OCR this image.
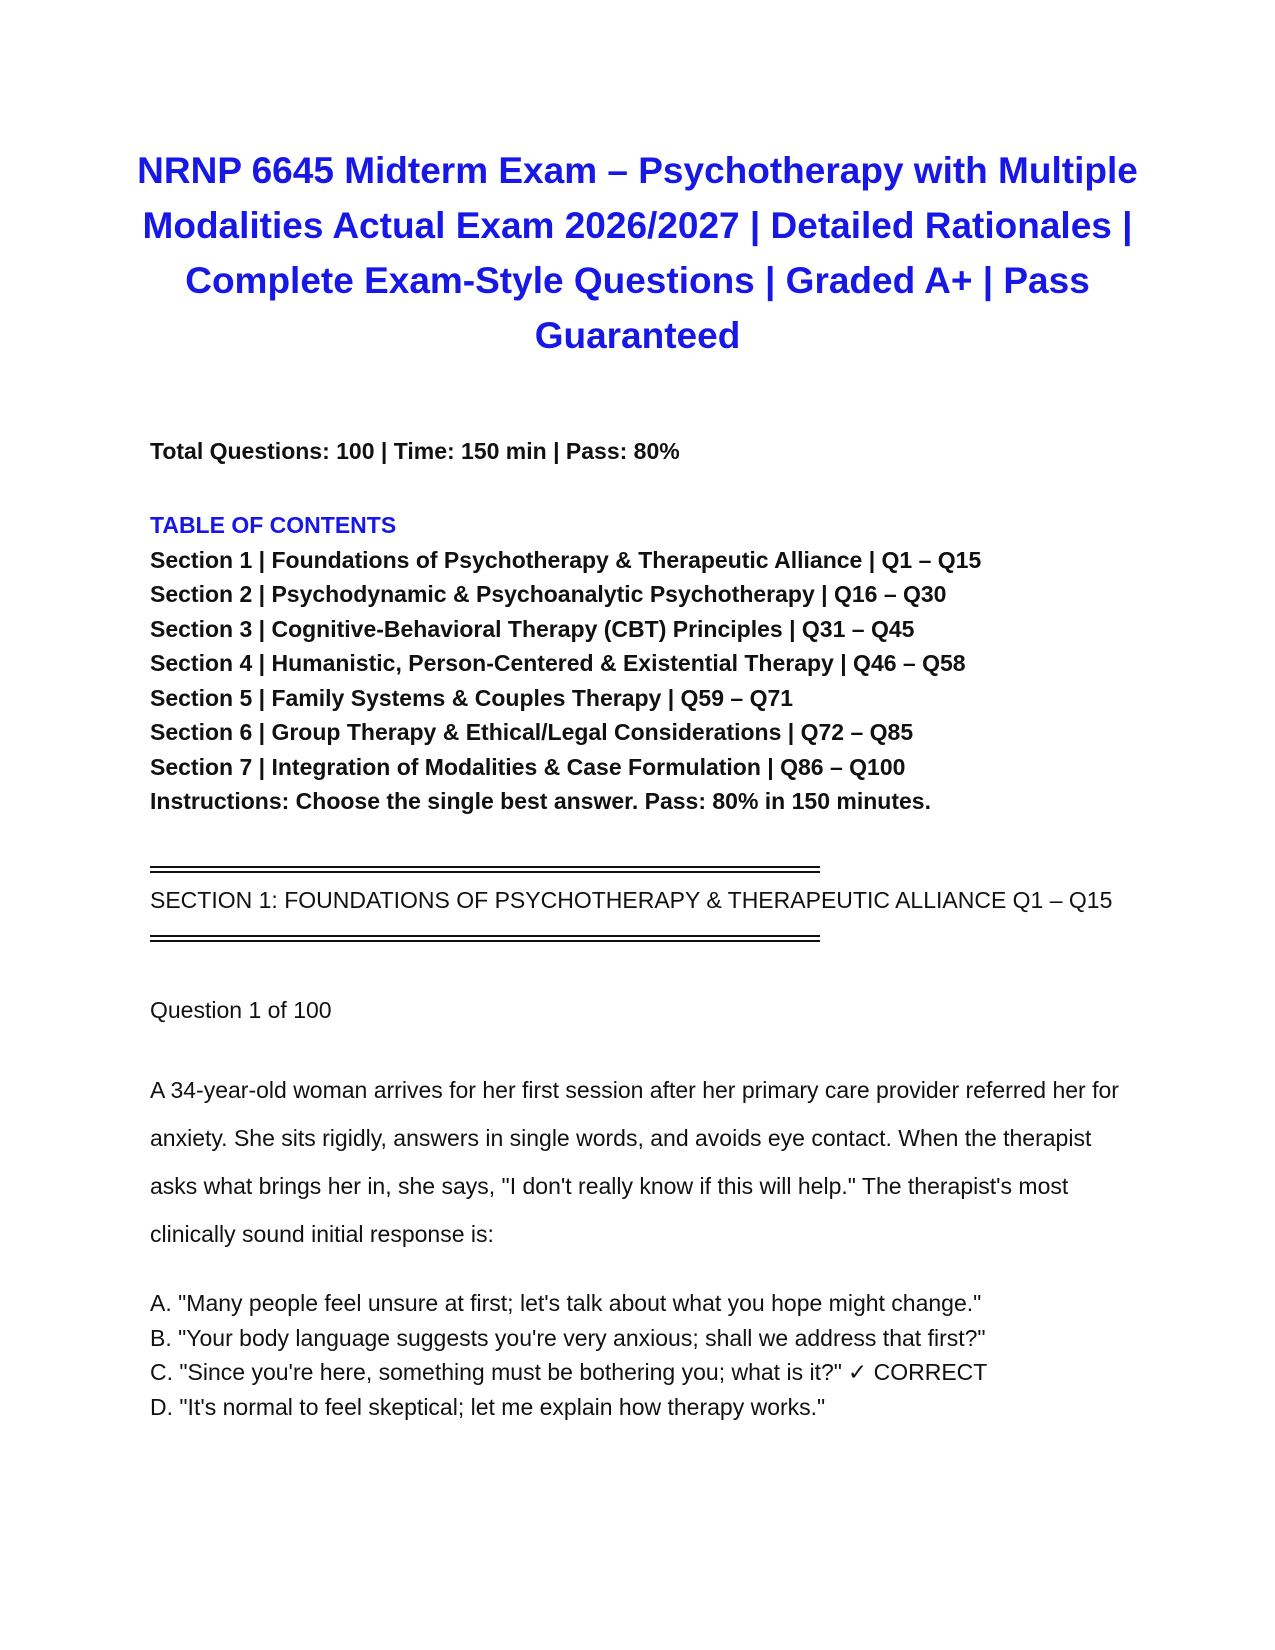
NRNP 6645 Midterm Exam – Psychotherapy with Multiple Modalities Actual Exam 2026/2027 | Detailed Rationales | Complete Exam-Style Questions | Graded A+ | Pass Guaranteed
Total Questions: 100 | Time: 150 min | Pass: 80%
TABLE OF CONTENTS
Section 1 | Foundations of Psychotherapy & Therapeutic Alliance | Q1 – Q15
Section 2 | Psychodynamic & Psychoanalytic Psychotherapy | Q16 – Q30
Section 3 | Cognitive-Behavioral Therapy (CBT) Principles | Q31 – Q45
Section 4 | Humanistic, Person-Centered & Existential Therapy | Q46 – Q58
Section 5 | Family Systems & Couples Therapy | Q59 – Q71
Section 6 | Group Therapy & Ethical/Legal Considerations | Q72 – Q85
Section 7 | Integration of Modalities & Case Formulation | Q86 – Q100
Instructions: Choose the single best answer. Pass: 80% in 150 minutes.
SECTION 1: FOUNDATIONS OF PSYCHOTHERAPY & THERAPEUTIC ALLIANCE Q1 – Q15
Question 1 of 100

A 34-year-old woman arrives for her first session after her primary care provider referred her for anxiety. She sits rigidly, answers in single words, and avoids eye contact. When the therapist asks what brings her in, she says, "I don't really know if this will help." The therapist's most clinically sound initial response is:

A. "Many people feel unsure at first; let's talk about what you hope might change."
B. "Your body language suggests you're very anxious; shall we address that first?"
C. "Since you're here, something must be bothering you; what is it?" ✓ CORRECT
D. "It's normal to feel skeptical; let me explain how therapy works."
